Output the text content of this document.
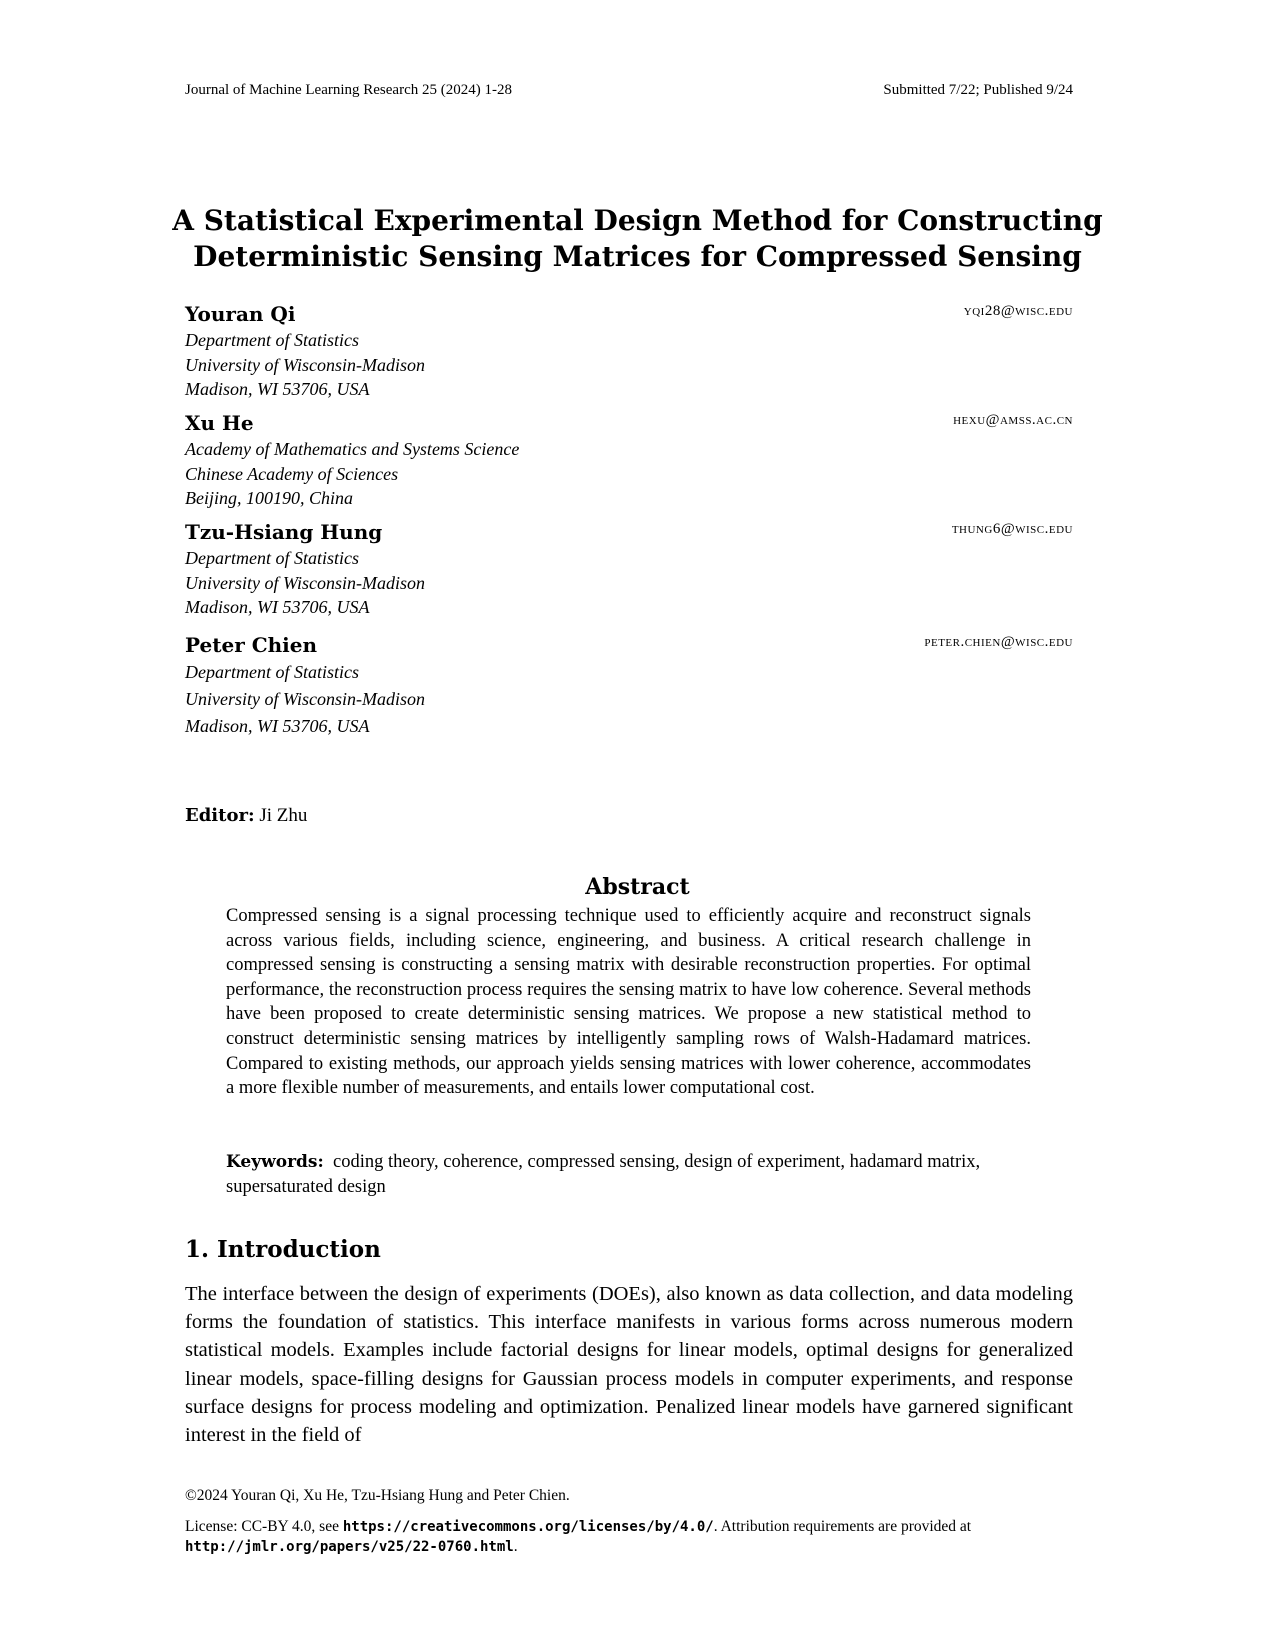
Journal of Machine Learning Research 25 (2024) 1-28	Submitted 7/22; Published 9/24
A Statistical Experimental Design Method for Constructing
Deterministic Sensing Matrices for Compressed Sensing
Youran Qi	yqi28@wisc.edu
Department of Statistics
University of Wisconsin-Madison
Madison, WI 53706, USA
Xu He	hexu@amss.ac.cn
Academy of Mathematics and Systems Science
Chinese Academy of Sciences
Beijing, 100190, China
Tzu-Hsiang Hung	thung6@wisc.edu
Department of Statistics
University of Wisconsin-Madison
Madison, WI 53706, USA
Peter Chien	peter.chien@wisc.edu
Department of Statistics
University of Wisconsin-Madison
Madison, WI 53706, USA
Editor: Ji Zhu
Abstract
Compressed sensing is a signal processing technique used to efficiently acquire and reconstruct signals across various fields, including science, engineering, and business. A critical research challenge in compressed sensing is constructing a sensing matrix with desirable reconstruction properties. For optimal performance, the reconstruction process requires the sensing matrix to have low coherence. Several methods have been proposed to create deterministic sensing matrices. We propose a new statistical method to construct deterministic sensing matrices by intelligently sampling rows of Walsh-Hadamard matrices. Compared to existing methods, our approach yields sensing matrices with lower coherence, accommodates a more flexible number of measurements, and entails lower computational cost.
Keywords: coding theory, coherence, compressed sensing, design of experiment, hadamard matrix, supersaturated design
1. Introduction
The interface between the design of experiments (DOEs), also known as data collection, and data modeling forms the foundation of statistics. This interface manifests in various forms across numerous modern statistical models. Examples include factorial designs for linear models, optimal designs for generalized linear models, space-filling designs for Gaussian process models in computer experiments, and response surface designs for process modeling and optimization. Penalized linear models have garnered significant interest in the field of
©2024 Youran Qi, Xu He, Tzu-Hsiang Hung and Peter Chien.
License: CC-BY 4.0, see https://creativecommons.org/licenses/by/4.0/. Attribution requirements are provided at http://jmlr.org/papers/v25/22-0760.html.
